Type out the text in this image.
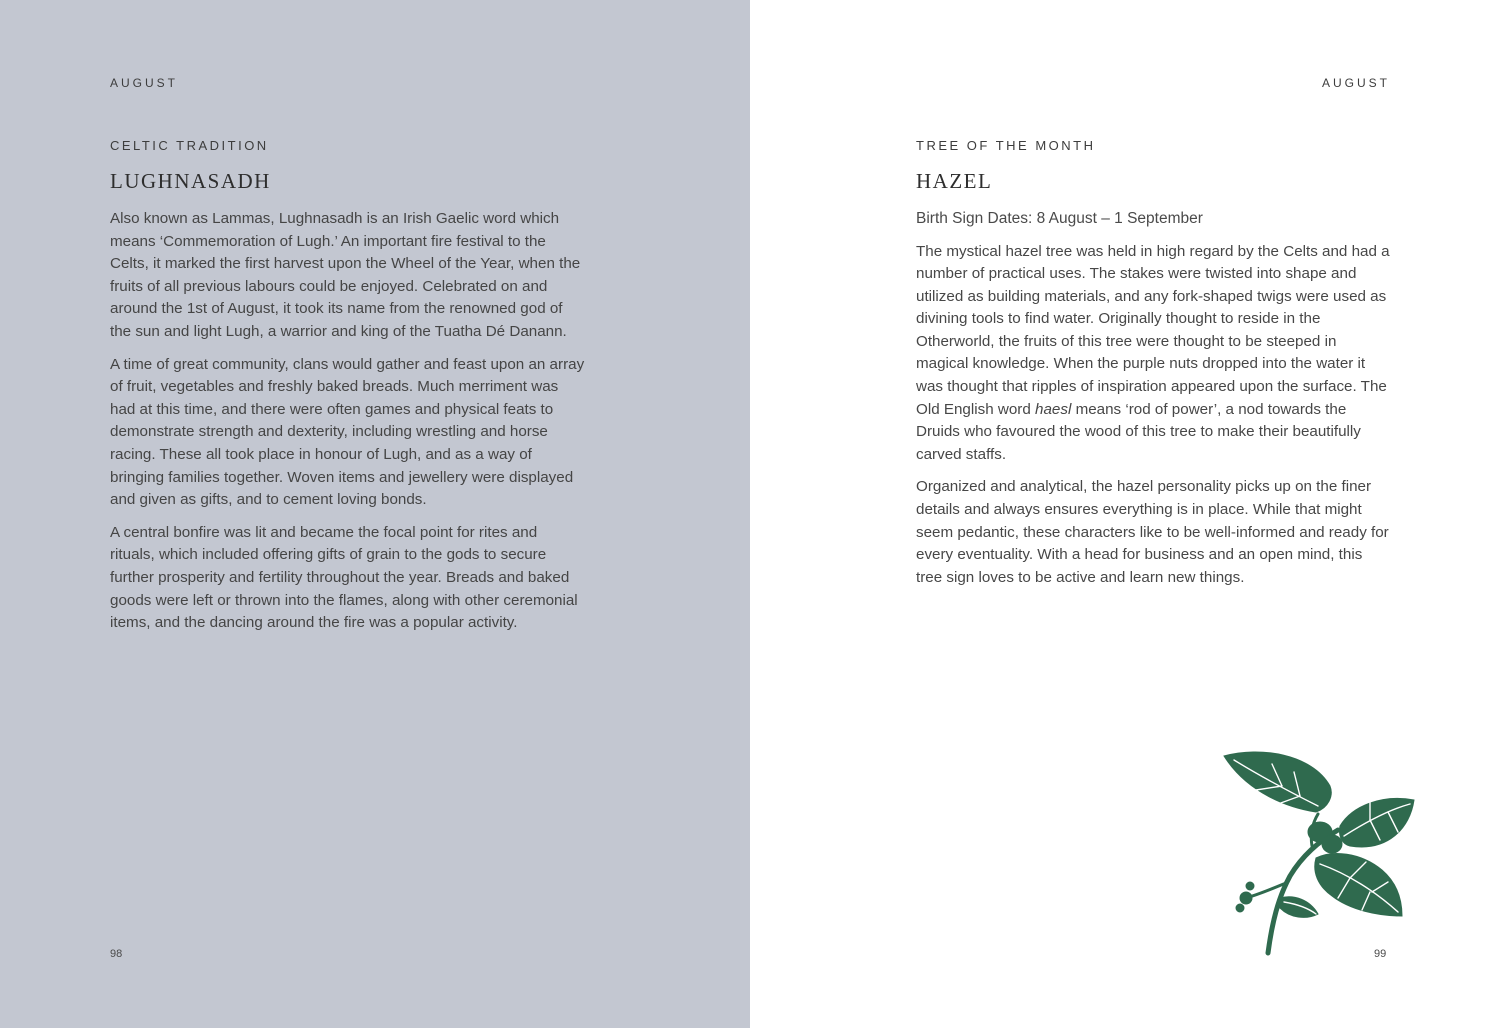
AUGUST
CELTIC TRADITION
LUGHNASADH

Also known as Lammas, Lughnasadh is an Irish Gaelic word which means ‘Commemoration of Lugh.’ An important fire festival to the Celts, it marked the first harvest upon the Wheel of the Year, when the fruits of all previous labours could be enjoyed. Celebrated on and around the 1st of August, it took its name from the renowned god of the sun and light Lugh, a warrior and king of the Tuatha Dé Danann.

A time of great community, clans would gather and feast upon an array of fruit, vegetables and freshly baked breads. Much merriment was had at this time, and there were often games and physical feats to demonstrate strength and dexterity, including wrestling and horse racing. These all took place in honour of Lugh, and as a way of bringing families together. Woven items and jewellery were displayed and given as gifts, and to cement loving bonds.

A central bonfire was lit and became the focal point for rites and rituals, which included offering gifts of grain to the gods to secure further prosperity and fertility throughout the year. Breads and baked goods were left or thrown into the flames, along with other ceremonial items, and the dancing around the fire was a popular activity.

98
AUGUST
TREE OF THE MONTH
HAZEL
Birth Sign Dates: 8 August – 1 September

The mystical hazel tree was held in high regard by the Celts and had a number of practical uses. The stakes were twisted into shape and utilized as building materials, and any fork-shaped twigs were used as divining tools to find water. Originally thought to reside in the Otherworld, the fruits of this tree were thought to be steeped in magical knowledge. When the purple nuts dropped into the water it was thought that ripples of inspiration appeared upon the surface. The Old English word haesl means ‘rod of power’, a nod towards the Druids who favoured the wood of this tree to make their beautifully carved staffs.

Organized and analytical, the hazel personality picks up on the finer details and always ensures everything is in place. While that might seem pedantic, these characters like to be well-informed and ready for every eventuality. With a head for business and an open mind, this tree sign loves to be active and learn new things.

99
